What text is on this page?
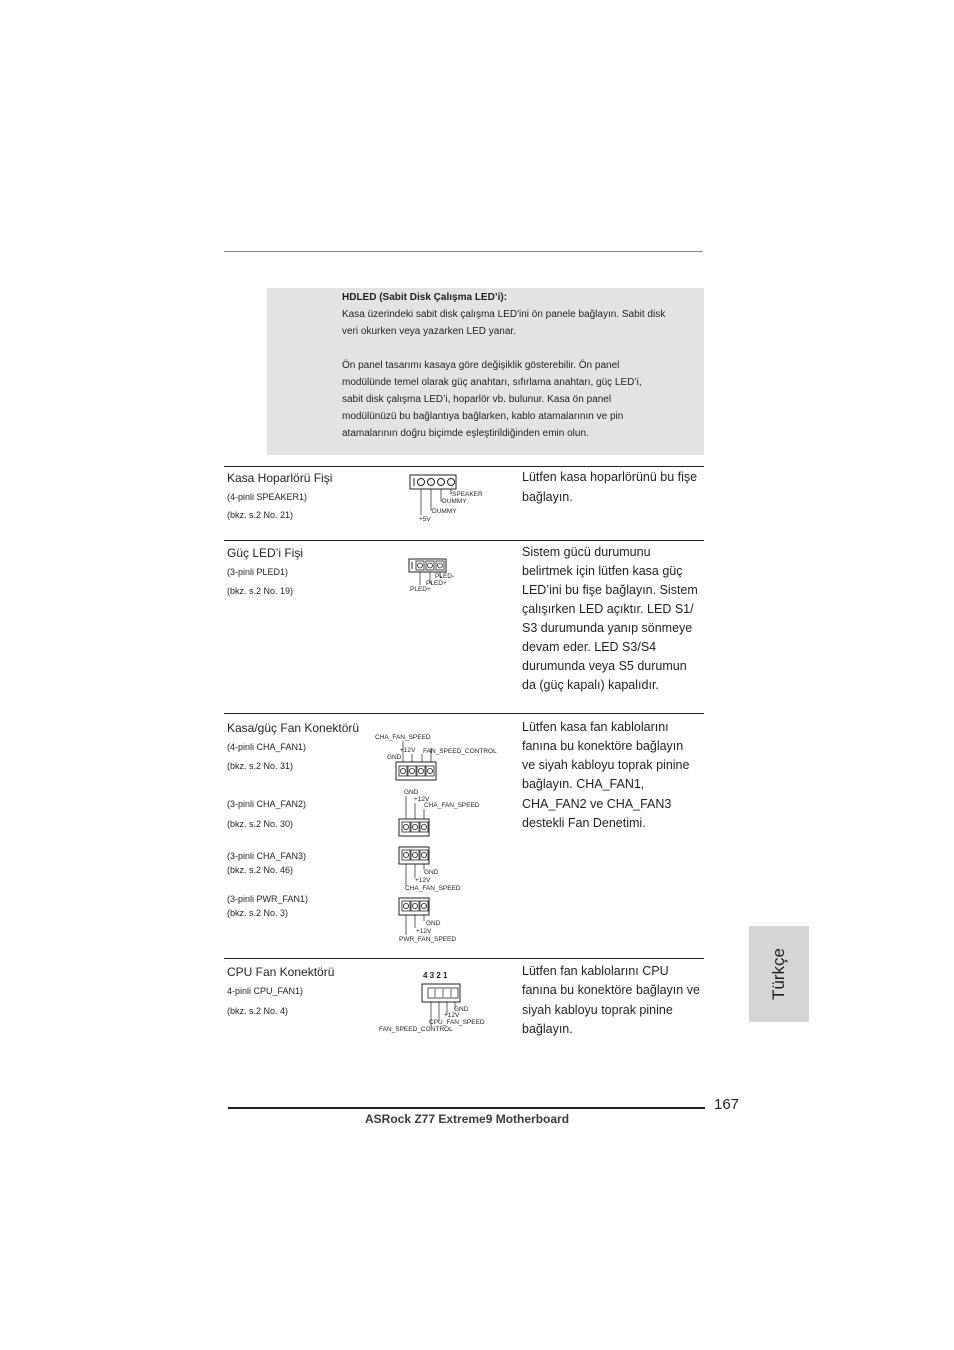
HDLED (Sabit Disk Çalışma LED’i):
Kasa üzerindeki sabit disk çalışma LED'ini ön panele bağlayın. Sabit disk
veri okurken veya yazarken LED yanar.
Ön panel tasarımı kasaya göre değişiklik gösterebilir. Ön panel
modülünde temel olarak güç anahtarı, sıfırlama anahtarı, güç LED’i,
sabit disk çalışma LED’i, hoparlör vb. bulunur. Kasa ön panel
modülünüzü bu bağlantıya bağlarken, kablo atamalarının ve pin
atamalarının doğru biçimde eşleştirildiğinden emin olun.
Kasa Hoparlörü Fişi
(4-pinli SPEAKER1)
(bkz. s.2 No. 21)
Lütfen kasa hoparlörünü bu fişe
bağlayın.
SPEAKER
DUMMY
DUMMY
+5V
Güç LED’i Fişi
(3-pinli PLED1)
(bkz. s.2 No. 19)
Sistem gücü durumunu
belirtmek için lütfen kasa güç
LED’ini bu fişe bağlayın. Sistem
çalışırken LED açıktır. LED S1/
S3 durumunda yanıp sönmeye
devam eder. LED S3/S4
durumunda veya S5 durumun
da (güç kapalı) kapalıdır.
PLED-
PLED+
PLED+
Kasa/güç Fan Konektörü
(4-pinli CHA_FAN1)
(bkz. s.2 No. 31)
(3-pinli CHA_FAN2)
(bkz. s.2 No. 30)
(3-pinli CHA_FAN3)
(bkz. s.2 No. 46)
(3-pinli PWR_FAN1)
(bkz. s.2 No. 3)
Lütfen kasa fan kablolarını
fanına bu konektöre bağlayın
ve siyah kabloyu toprak pinine
bağlayın. CHA_FAN1,
CHA_FAN2 ve CHA_FAN3
destekli Fan Denetimi.
CHA_FAN_SPEED
+12V
GND
FAN_SPEED_CONTROL
GND
+12V
CHA_FAN_SPEED
GND
+12V
CHA_FAN_SPEED
GND
+12V
PWR_FAN_SPEED
CPU Fan Konektörü
4-pinli CPU_FAN1)
(bkz. s.2 No. 4)
Lütfen fan kablolarını CPU
fanına bu konektöre bağlayın ve
siyah kabloyu toprak pinine
bağlayın.
4 3 2 1
GND
+12V
CPU_FAN_SPEED
FAN_SPEED_CONTROL
Türkçe
167
ASRock Z77 Extreme9 Motherboard
